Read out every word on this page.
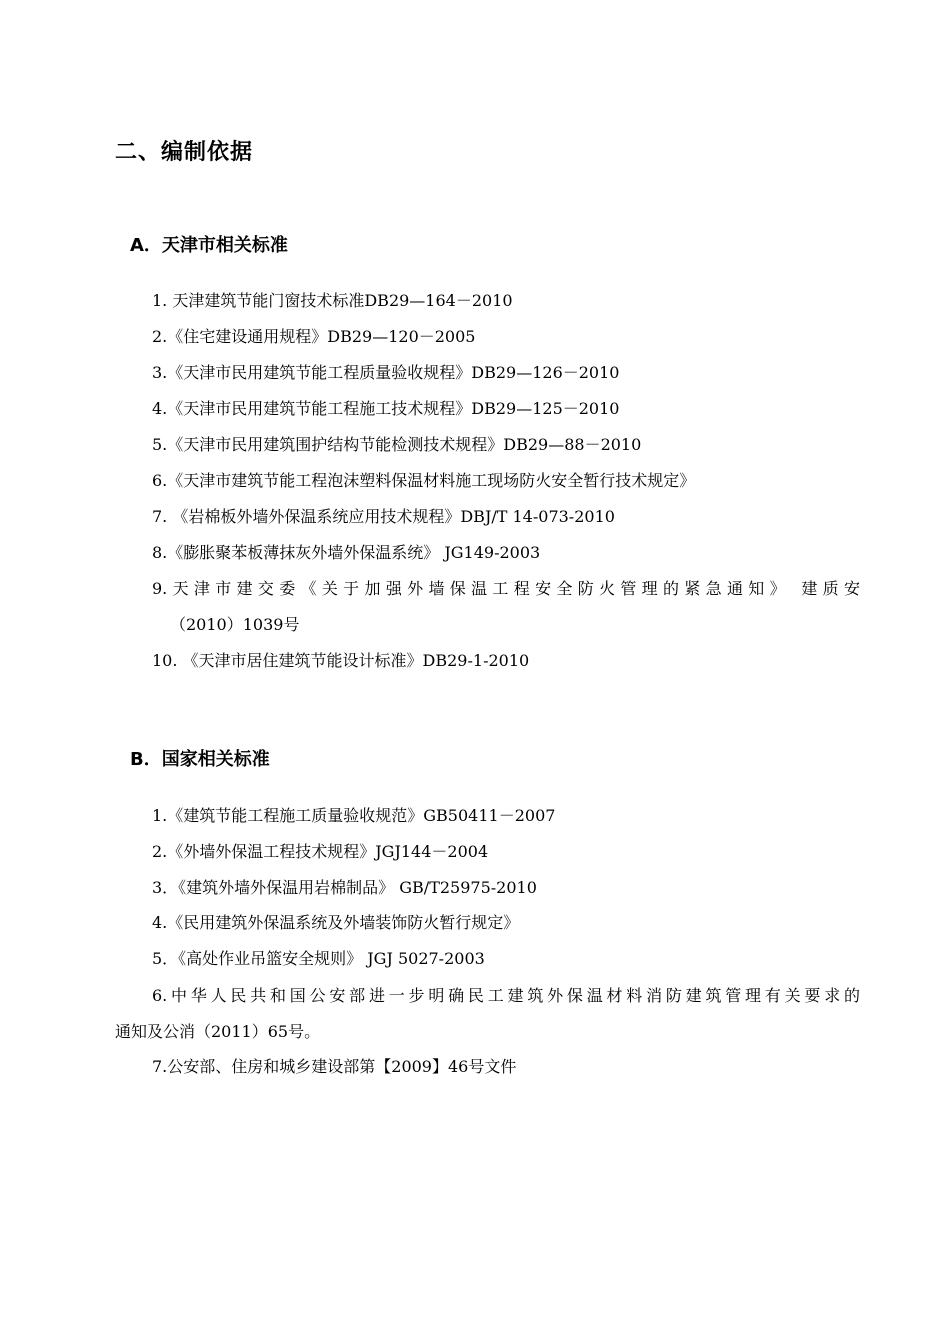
二、编制依据
A．天津市相关标准
1. 天津建筑节能门窗技术标准DB29—164－2010
2.《住宅建设通用规程》DB29—120－2005
3.《天津市民用建筑节能工程质量验收规程》DB29—126－2010
4.《天津市民用建筑节能工程施工技术规程》DB29—125－2010
5.《天津市民用建筑围护结构节能检测技术规程》DB29—88－2010
6.《天津市建筑节能工程泡沫塑料保温材料施工现场防火安全暂行技术规定》
7. 《岩棉板外墙外保温系统应用技术规程》DBJ/T 14-073-2010
8.《膨胀聚苯板薄抹灰外墙外保温系统》 JG149-2003
9.天津市建交委《关于加强外墙保温工程安全防火管理的紧急通知》 建质安
（2010）1039号
10. 《天津市居住建筑节能设计标准》DB29-1-2010
B．国家相关标准
1.《建筑节能工程施工质量验收规范》GB50411－2007
2.《外墙外保温工程技术规程》JGJ144－2004
3．《建筑外墙外保温用岩棉制品》 GB/T25975-2010
4.《民用建筑外保温系统及外墙装饰防火暂行规定》
5．《高处作业吊篮安全规则》 JGJ 5027-2003
6.中华人民共和国公安部进一步明确民工建筑外保温材料消防建筑管理有关要求的
通知及公消（2011）65号。
7.公安部、住房和城乡建设部第【2009】46号文件
